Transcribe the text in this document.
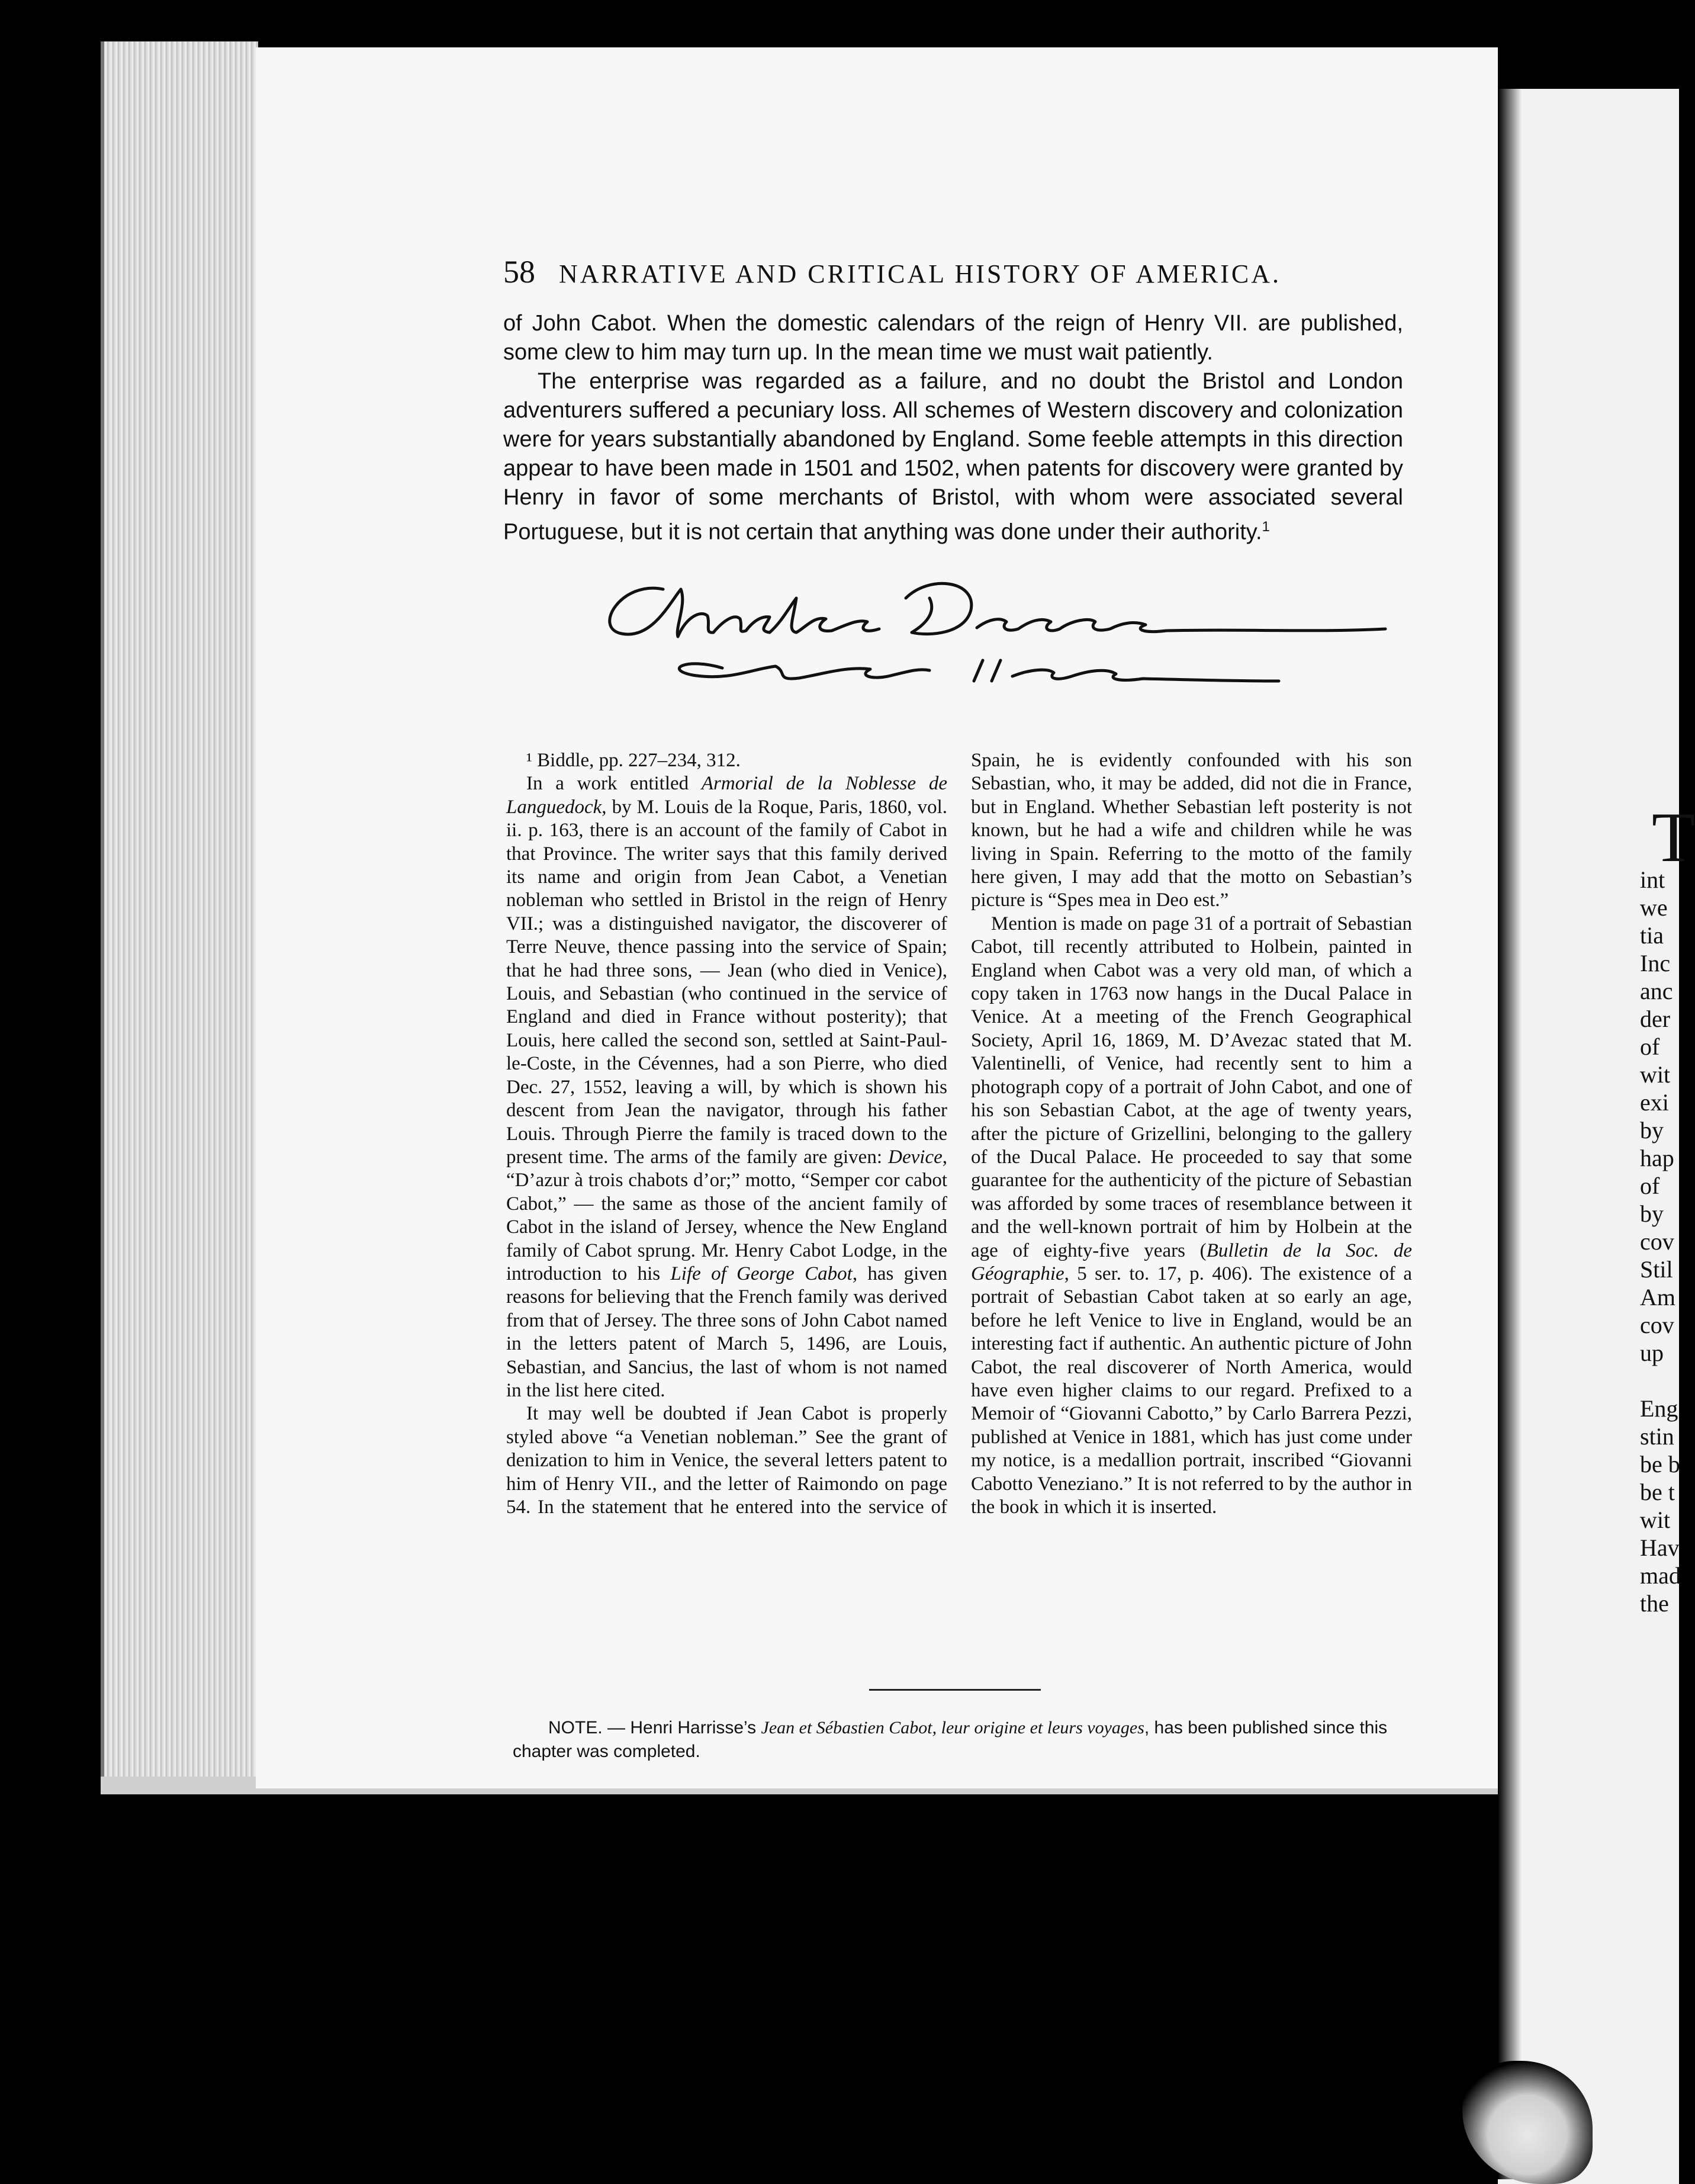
T
int
we
tia
Inc
anc
der
of
wit
exi
by
hap
of
by
cov
Stil
Am
cov
up

Eng
stin
be b
be t
wit
Hav
mad
the
58 NARRATIVE AND CRITICAL HISTORY OF AMERICA.

of John Cabot. When the domestic calendars of the reign of Henry VII. are published, some clew to him may turn up. In the mean time we must wait patiently.

The enterprise was regarded as a failure, and no doubt the Bristol and London adventurers suffered a pecuniary loss. All schemes of Western discovery and colonization were for years substantially abandoned by England. Some feeble attempts in this direction appear to have been made in 1501 and 1502, when patents for discovery were granted by Henry in favor of some merchants of Bristol, with whom were associated several Portuguese, but it is not certain that anything was done under their authority.$^1$

¹ Biddle, pp. 227–234, 312.

In a work entitled Armorial de la Noblesse de Languedock, by M. Louis de la Roque, Paris, 1860, vol. ii. p. 163, there is an account of the family of Cabot in that Province. The writer says that this family derived its name and origin from Jean Cabot, a Venetian nobleman who settled in Bristol in the reign of Henry VII.; was a distinguished navigator, the discoverer of Terre Neuve, thence passing into the service of Spain; that he had three sons, — Jean (who died in Venice), Louis, and Sebastian (who continued in the service of England and died in France without posterity); that Louis, here called the second son, settled at Saint-Paul-le-Coste, in the Cévennes, had a son Pierre, who died Dec. 27, 1552, leaving a will, by which is shown his descent from Jean the navigator, through his father Louis. Through Pierre the family is traced down to the present time. The arms of the family are given: Device, “D’azur à trois chabots d’or;” motto, “Semper cor cabot Cabot,” — the same as those of the ancient family of Cabot in the island of Jersey, whence the New England family of Cabot sprung. Mr. Henry Cabot Lodge, in the introduction to his Life of George Cabot, has given reasons for believing that the French family was derived from that of Jersey. The three sons of John Cabot named in the letters patent of March 5, 1496, are Louis, Sebastian, and Sancius, the last of whom is not named in the list here cited.

It may well be doubted if Jean Cabot is properly styled above “a Venetian nobleman.” See the grant of denization to him in Venice, the several letters patent to him of Henry VII., and the letter of Raimondo on page 54. In the statement that he entered into the service of Spain, he is evidently confounded with his son Sebastian, who, it may be added, did not die in France, but in England. Whether Sebastian left posterity is not known, but he had a wife and children while he was living in Spain. Referring to the motto of the family here given, I may add that the motto on Sebastian’s picture is “Spes mea in Deo est.”

Mention is made on page 31 of a portrait of Sebastian Cabot, till recently attributed to Holbein, painted in England when Cabot was a very old man, of which a copy taken in 1763 now hangs in the Ducal Palace in Venice. At a meeting of the French Geographical Society, April 16, 1869, M. D’Avezac stated that M. Valentinelli, of Venice, had recently sent to him a photograph copy of a portrait of John Cabot, and one of his son Sebastian Cabot, at the age of twenty years, after the picture of Grizellini, belonging to the gallery of the Ducal Palace. He proceeded to say that some guarantee for the authenticity of the picture of Sebastian was afforded by some traces of resemblance between it and the well-known portrait of him by Holbein at the age of eighty-five years (Bulletin de la Soc. de Géographie, 5 ser. to. 17, p. 406). The existence of a portrait of Sebastian Cabot taken at so early an age, before he left Venice to live in England, would be an interesting fact if authentic. An authentic picture of John Cabot, the real discoverer of North America, would have even higher claims to our regard. Prefixed to a Memoir of “Giovanni Cabotto,” by Carlo Barrera Pezzi, published at Venice in 1881, which has just come under my notice, is a medallion portrait, inscribed “Giovanni Cabotto Veneziano.” It is not referred to by the author in the book in which it is inserted.

NOTE. — Henri Harrisse’s Jean et Sébastien Cabot, leur origine et leurs voyages, has been published since this chapter was completed.
